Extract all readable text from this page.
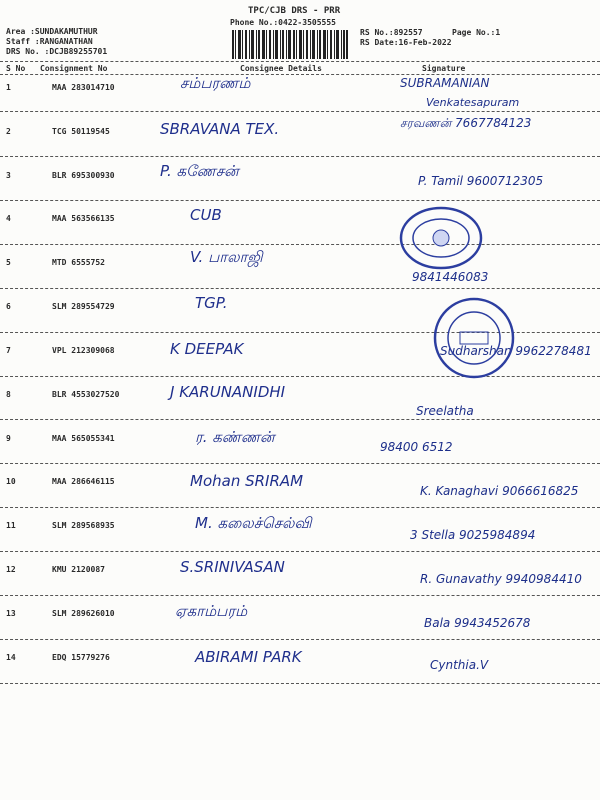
TPC/CJB DRS - PRR
Phone No.:0422-3505555
Area :SUNDAKAMUTHUR
Staff :RANGANATHAN
DRS No. :DCJB89255701
RS No.:892557
RS Date:16-Feb-2022
Page No.:1
S No Consignment No	Consignee Details	Signature
1	MAA 283014710	சம்பரணம்	SUBRAMANIAN
Venkatesapuram
2	TCG 50119545	SBRAVANA TEX.	சரவணன் 7667784123
3	BLR 695300930	P. கணேசன்
P. Tamil 9600712305
4	MAA 563566135	CUB
5	MTD 6555752	V. பாலாஜி
9841446083
6	SLM 289554729	TGP.
7	VPL 212309068	K DEEPAK	Sudharshan 9962278481
8	BLR 4553027520	J KARUNANIDHI
Sreelatha
9	MAA 565055341	ர. கண்ணன்
98400 6512
10	MAA 286646115	Mohan SRIRAM
K. Kanaghavi 9066616825
11	SLM 289568935	M. கலைச்செல்வி
3 Stella 9025984894
12	KMU 2120087	S.SRINIVASAN
R. Gunavathy 9940984410
13	SLM 289626010	ஏகாம்பரம்
Bala 9943452678
14	EDQ 15779276	ABIRAMI PARK	Cynthia.V
